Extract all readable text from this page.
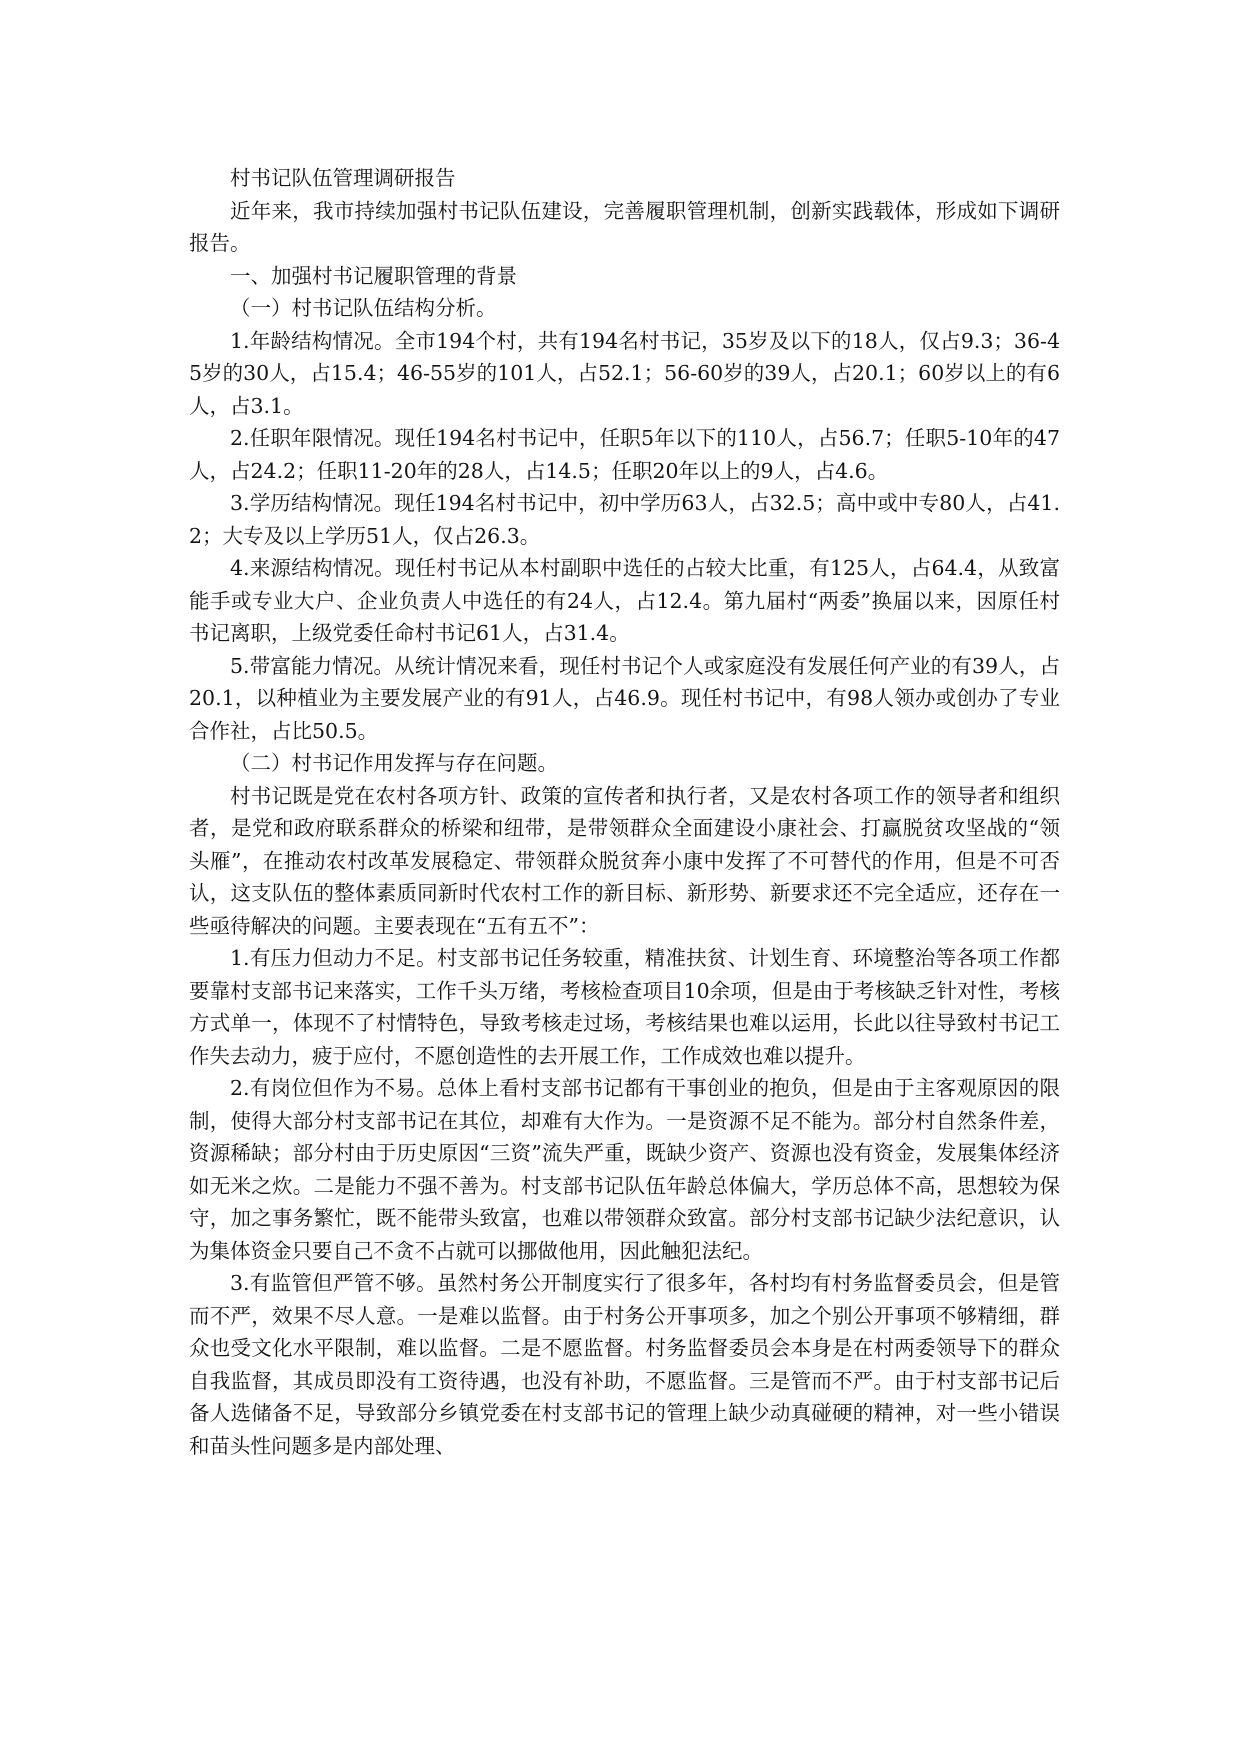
村书记队伍管理调研报告

近年来，我市持续加强村书记队伍建设，完善履职管理机制，创新实践载体，形成如下调研报告。

一、加强村书记履职管理的背景

（一）村书记队伍结构分析。

1.年龄结构情况。全市194个村，共有194名村书记，35岁及以下的18人，仅占9.3；36-45岁的30人，占15.4；46-55岁的101人，占52.1；56-60岁的39人，占20.1；60岁以上的有6人，占3.1。

2.任职年限情况。现任194名村书记中，任职5年以下的110人，占56.7；任职5-10年的47人，占24.2；任职11-20年的28人，占14.5；任职20年以上的9人，占4.6。

3.学历结构情况。现任194名村书记中，初中学历63人，占32.5；高中或中专80人，占41.2；大专及以上学历51人，仅占26.3。

4.来源结构情况。现任村书记从本村副职中选任的占较大比重，有125人，占64.4，从致富能手或专业大户、企业负责人中选任的有24人，占12.4。第九届村“两委”换届以来，因原任村书记离职，上级党委任命村书记61人，占31.4。

5.带富能力情况。从统计情况来看，现任村书记个人或家庭没有发展任何产业的有39人，占20.1，以种植业为主要发展产业的有91人，占46.9。现任村书记中，有98人领办或创办了专业合作社，占比50.5。

（二）村书记作用发挥与存在问题。

村书记既是党在农村各项方针、政策的宣传者和执行者，又是农村各项工作的领导者和组织者，是党和政府联系群众的桥梁和纽带，是带领群众全面建设小康社会、打赢脱贫攻坚战的“领头雁”，在推动农村改革发展稳定、带领群众脱贫奔小康中发挥了不可替代的作用，但是不可否认，这支队伍的整体素质同新时代农村工作的新目标、新形势、新要求还不完全适应，还存在一些亟待解决的问题。主要表现在“五有五不”：

1.有压力但动力不足。村支部书记任务较重，精准扶贫、计划生育、环境整治等各项工作都要靠村支部书记来落实，工作千头万绪，考核检查项目10余项，但是由于考核缺乏针对性，考核方式单一，体现不了村情特色，导致考核走过场，考核结果也难以运用，长此以往导致村书记工作失去动力，疲于应付，不愿创造性的去开展工作，工作成效也难以提升。

2.有岗位但作为不易。总体上看村支部书记都有干事创业的抱负，但是由于主客观原因的限制，使得大部分村支部书记在其位，却难有大作为。一是资源不足不能为。部分村自然条件差，资源稀缺；部分村由于历史原因“三资”流失严重，既缺少资产、资源也没有资金，发展集体经济如无米之炊。二是能力不强不善为。村支部书记队伍年龄总体偏大，学历总体不高，思想较为保守，加之事务繁忙，既不能带头致富，也难以带领群众致富。部分村支部书记缺少法纪意识，认为集体资金只要自己不贪不占就可以挪做他用，因此触犯法纪。

3.有监管但严管不够。虽然村务公开制度实行了很多年，各村均有村务监督委员会，但是管而不严，效果不尽人意。一是难以监督。由于村务公开事项多，加之个别公开事项不够精细，群众也受文化水平限制，难以监督。二是不愿监督。村务监督委员会本身是在村两委领导下的群众自我监督，其成员即没有工资待遇，也没有补助，不愿监督。三是管而不严。由于村支部书记后备人选储备不足，导致部分乡镇党委在村支部书记的管理上缺少动真碰硬的精神，对一些小错误和苗头性问题多是内部处理、
